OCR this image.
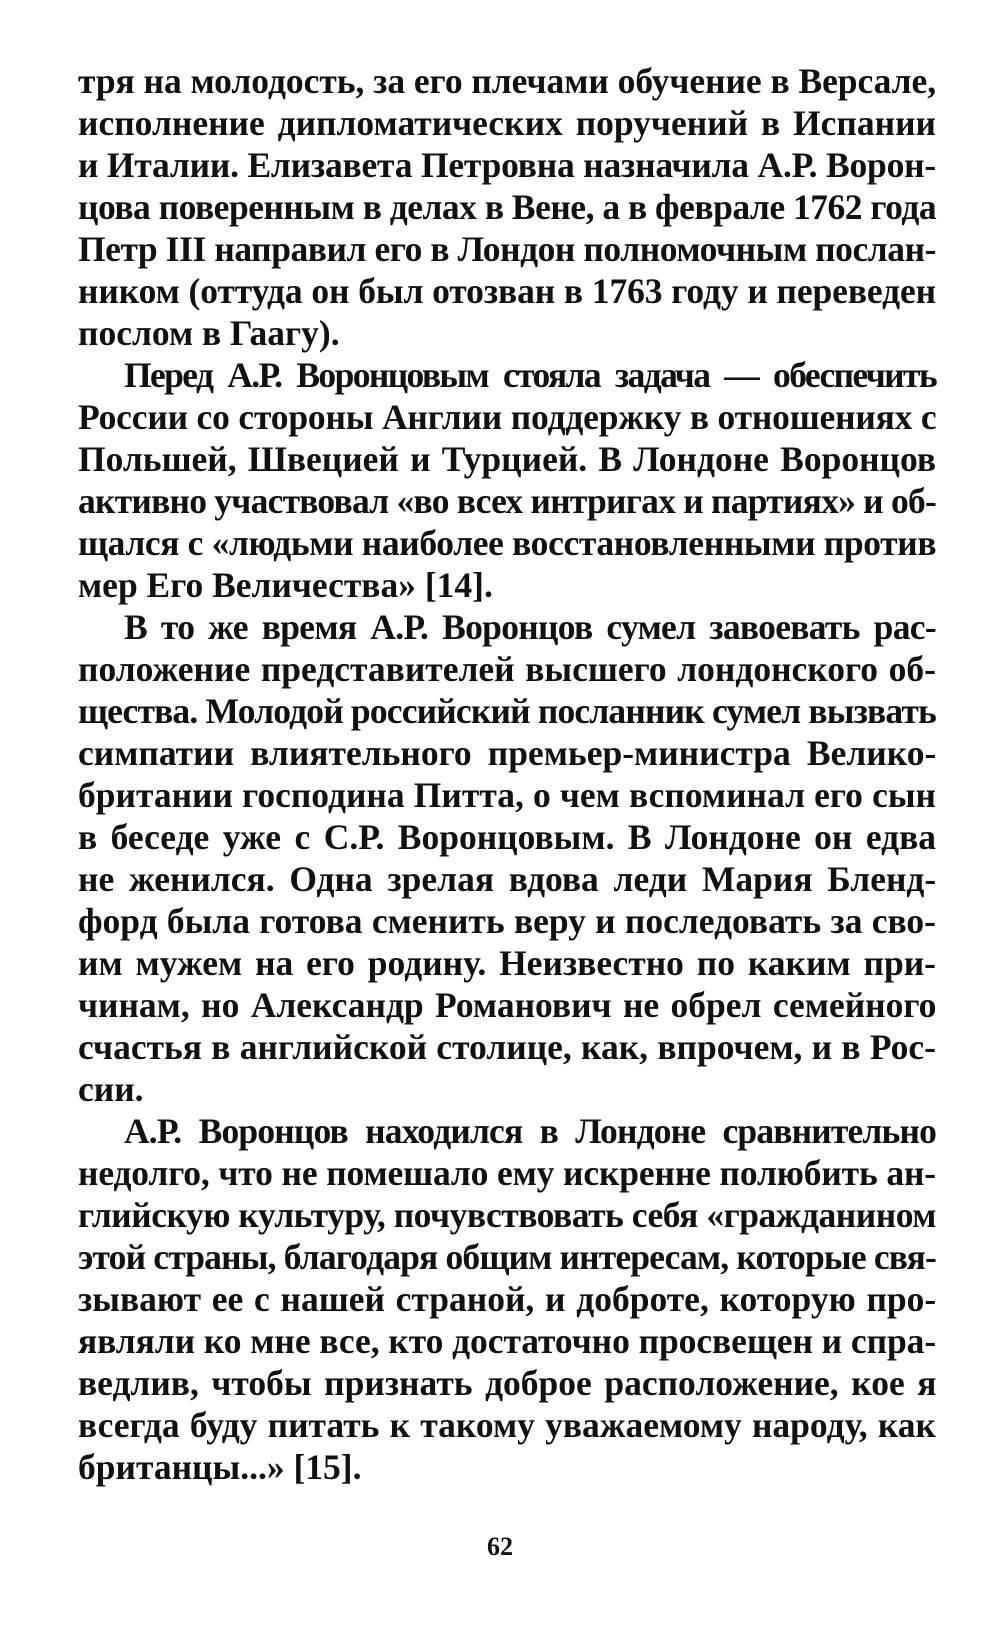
тря на молодость, за его плечами обучение в Версале,
исполнение дипломатических поручений в Испании
и Италии. Елизавета Петровна назначила А.Р. Ворон-
цова поверенным в делах в Вене, а в феврале 1762 года
Петр III направил его в Лондон полномочным послан-
ником (оттуда он был отозван в 1763 году и переведен
послом в Гаагу).

Перед А.Р. Воронцовым стояла задача — обеспечить
России со стороны Англии поддержку в отношениях с
Польшей, Швецией и Турцией. В Лондоне Воронцов
активно участвовал «во всех интригах и партиях» и об-
щался с «людьми наиболее восстановленными против
мер Его Величества» [14].

В то же время А.Р. Воронцов сумел завоевать рас-
положение представителей высшего лондонского об-
щества. Молодой российский посланник сумел вызвать
симпатии влиятельного премьер-министра Велико-
британии господина Питта, о чем вспоминал его сын
в беседе уже с С.Р. Воронцовым. В Лондоне он едва
не женился. Одна зрелая вдова леди Мария Бленд-
форд была готова сменить веру и последовать за сво-
им мужем на его родину. Неизвестно по каким при-
чинам, но Александр Романович не обрел семейного
счастья в английской столице, как, впрочем, и в Рос-
сии.

А.Р. Воронцов находился в Лондоне сравнительно
недолго, что не помешало ему искренне полюбить ан-
глийскую культуру, почувствовать себя «гражданином
этой страны, благодаря общим интересам, которые свя-
зывают ее с нашей страной, и доброте, которую про-
являли ко мне все, кто достаточно просвещен и спра-
ведлив, чтобы признать доброе расположение, кое я
всегда буду питать к такому уважаемому народу, как
британцы...» [15].

62
